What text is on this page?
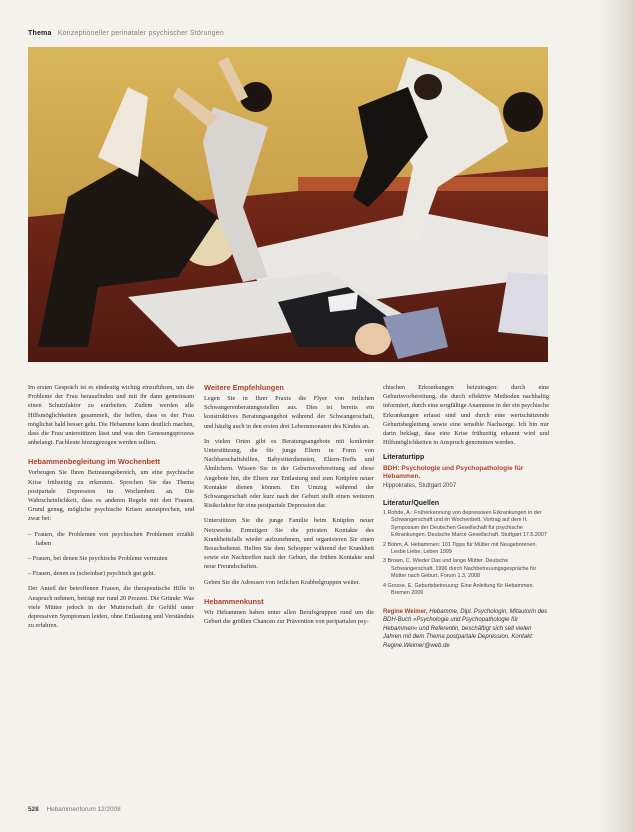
Thema Konzeptioneller perinataler psychischer Störungen

Im ersten Gespräch ist es eindeutig wichtig einzuführen, um die Probleme der Frau herausfinden und mit ihr dann gemeinsam einen Schutzfaktor zu erarbeiten. Zudem werden alle Hilfsmöglichkeiten gesammelt, die helfen, dass es der Frau möglichst bald besser geht. Die Hebamme kann deutlich machen, dass die Frau unterstützen lässt und was den Genesungsprozess anbelangt. Fachleute hinzugezogen werden sollten.

Hebammenbegleitung im Wochenbett

Vorbeugen Sie Ihren Betreuungsbereich, um eine psychische Krise frühzeitig zu erkennen. Sprechen Sie das Thema postpartale Depression im Wochenbett an. Die Wahrscheinlichkeit, dass es anderen Regeln mit den Frauen. Grund genug, mögliche psychische Krisen anzusprechen, und zwar bei:

– Frauen, die Problemen von psychischen Problemen erzählt haben

– Frauen, bei denen Sie psychische Probleme vermuten

– Frauen, denen es (scheinbar) psychisch gut geht.

Der Anteil der betroffenen Frauen, die therapeutische Hilfe in Anspruch nehmen, beträgt nur rund 20 Prozent. Die Gründe: Was viele Mütter jedoch in der Mutterschaft ihr Gefühl unter depressiven Symptomen leiden, ohne Entlastung und Verständnis zu erfahren.

Weitere Empfehlungen

Legen Sie in Ihrer Praxis die Flyer von örtlichen Schwangerenberatungsstellen aus. Dies ist bereits ein konstruktives Beratungsangebot während der Schwangerschaft, und häufig auch in den ersten drei Lebensmonaten des Kindes an.

In vielen Orten gibt es Beratungsangebote mit konkreter Unterstützung, die für junge Eltern in Form von Nachbarschaftshilfen, Babysitterdiensten, Eltern-Treffs und Ähnlichem. Wissen Sie in der Geburtsvorbereitung auf diese Angebote hin, die Eltern zur Entlastung und zum Knüpfen neuer Kontakte dienen können. Ein Umzug während der Schwangerschaft oder kurz nach der Geburt stellt einen weiteren Risikofaktor für eine postpartale Depression dar.

Unterstützen Sie die junge Familie beim Knüpfen neuer Netzwerke. Ermutigen Sie die privaten Kontakte des Krankheitsfalls wieder aufzunehmen, und organisieren Sie einen Besuchsdienst. Helfen Sie dem Schopper während der Krankheit sowie ein Nachtreffen nach der Geburt, die frühen Kontakte und neue Freundschaften.

Geben Sie die Adressen von örtlichen Krabbelgruppen weiter.

Hebammenkunst

Wir Hebammen haben unter allen Berufsgruppen rund um die Geburt die größten Chancen zur Prävention von peripartalen psy-

chischen Erkrankungen beizutragen: durch eine Geburtsvorbereitung, die durch effektive Methoden nachhaltig informiert, durch eine sorgfältige Anamnese in der ein psychische Erkrankungen erfasst sind und durch eine wertschätzende Geburtsbegleitung sowie eine sensible Nachsorge. Ich bin mir darin beklagt, dass eine Krise frühzeitig erkannt wird und Hilfsmöglichkeiten in Anspruch genommen werden.

Literaturtipp
BDH: Psychologie und Psychopathologie für Hebammen.
Hippokrates, Stuttgart 2007
Literatur/Quellen
1 Rohde, A.: Früherkennung von depressiven Erkrankungen in der Schwangerschaft und im Wochenbett. Vortrag auf dem II. Symposium der Deutschen Gesellschaft für psychische Erkrankungen. Deutsche Marcé Gesellschaft. Stuttgart 17.5.2007
2 Bohm, A. Hebammen: 101 Tipps für Mütter mit Neugeborenen. Lesbe Liebe, Leben 1999
3 Brown, C. Wieder Das und lange Mütter. Deutsche Schwangerschaft, 1996 durch Nachbetreuungsgespräche für Mütter nach Geburt. Forum 1.3, 2008
4 Grosse, E. Geburtsbetreuung: Eine Anleitung für Hebammen. Bremen 2006
Regine Weimer, Hebamme, Dipl. Psychologin, Mitautorin des BDH-Buch »Psychologie und Psychopathologie für Hebammen« und Referentin, beschäftigt sich seit vielen Jahren mit dem Thema postpartale Depression. Kontakt: Regine.Weimer@web.de
528 Hebammenforum 12/2008
